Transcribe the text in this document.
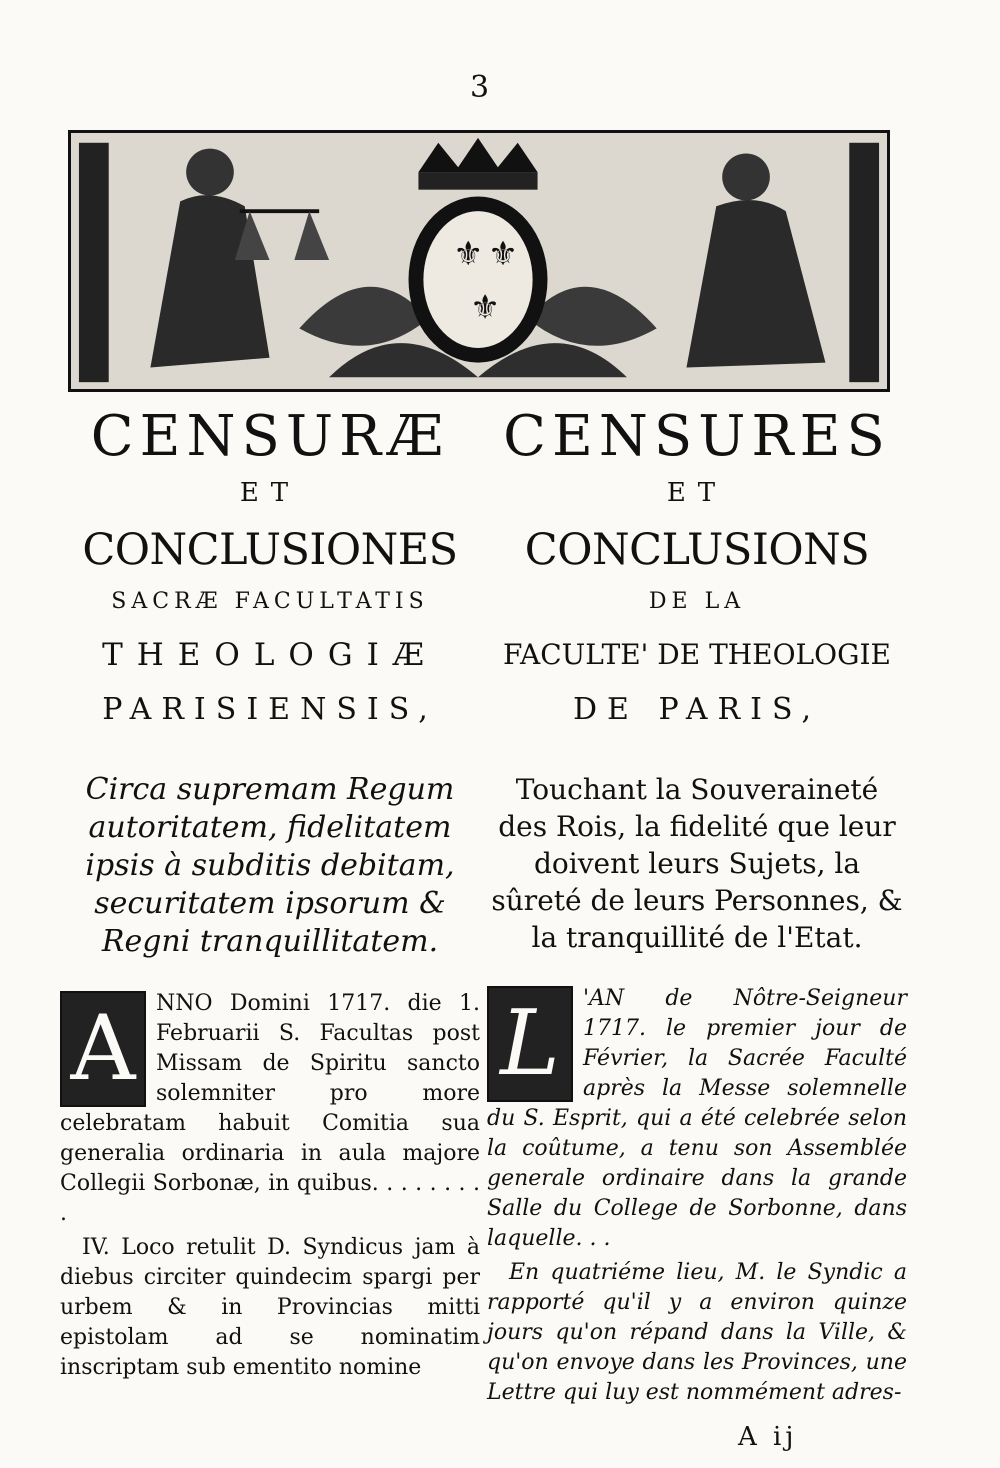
3
⚜ ⚜
⚜
CENSURÆ
ET
CONCLUSIONES
SACRÆ FACULTATIS
THEOLOGIÆ
PARISIENSIS,
Circa supremam Regum autoritatem, fidelitatem ipsis à subditis debitam, securitatem ipsorum & Regni tranquillitatem.
A NNO Domini 1717. die 1. Februarii S. Facultas post Missam de Spiritu sancto solemniter pro more celebratam habuit Comitia sua generalia ordinaria in aula majore Collegii Sorbonæ, in quibus. . . . . . . . .

IV. Loco retulit D. Syndicus jam à diebus circiter quindecim spargi per urbem & in Provincias mitti epistolam ad se nominatim inscriptam sub ementito nomine

CENSURES
ET
CONCLUSIONS
DE LA
FACULTE' DE THEOLOGIE
DE PARIS,
Touchant la Souveraineté des Rois, la fidelité que leur doivent leurs Sujets, la sûreté de leurs Personnes, & la tranquillité de l'Etat.
L	'AN de Nôtre-Seigneur 1717. le premier jour de Février, la Sacrée Faculté après la Messe solemnelle du S. Esprit, qui a été celebrée selon la coûtume, a tenu son Assemblée generale ordinaire dans la grande Salle du College de Sorbonne, dans laquelle. . .

En quatriéme lieu, M. le Syndic a rapporté qu'il y a environ quinze jours qu'on répand dans la Ville, & qu'on envoye dans les Provinces, une Lettre qui luy est nommément adres-

A ij
